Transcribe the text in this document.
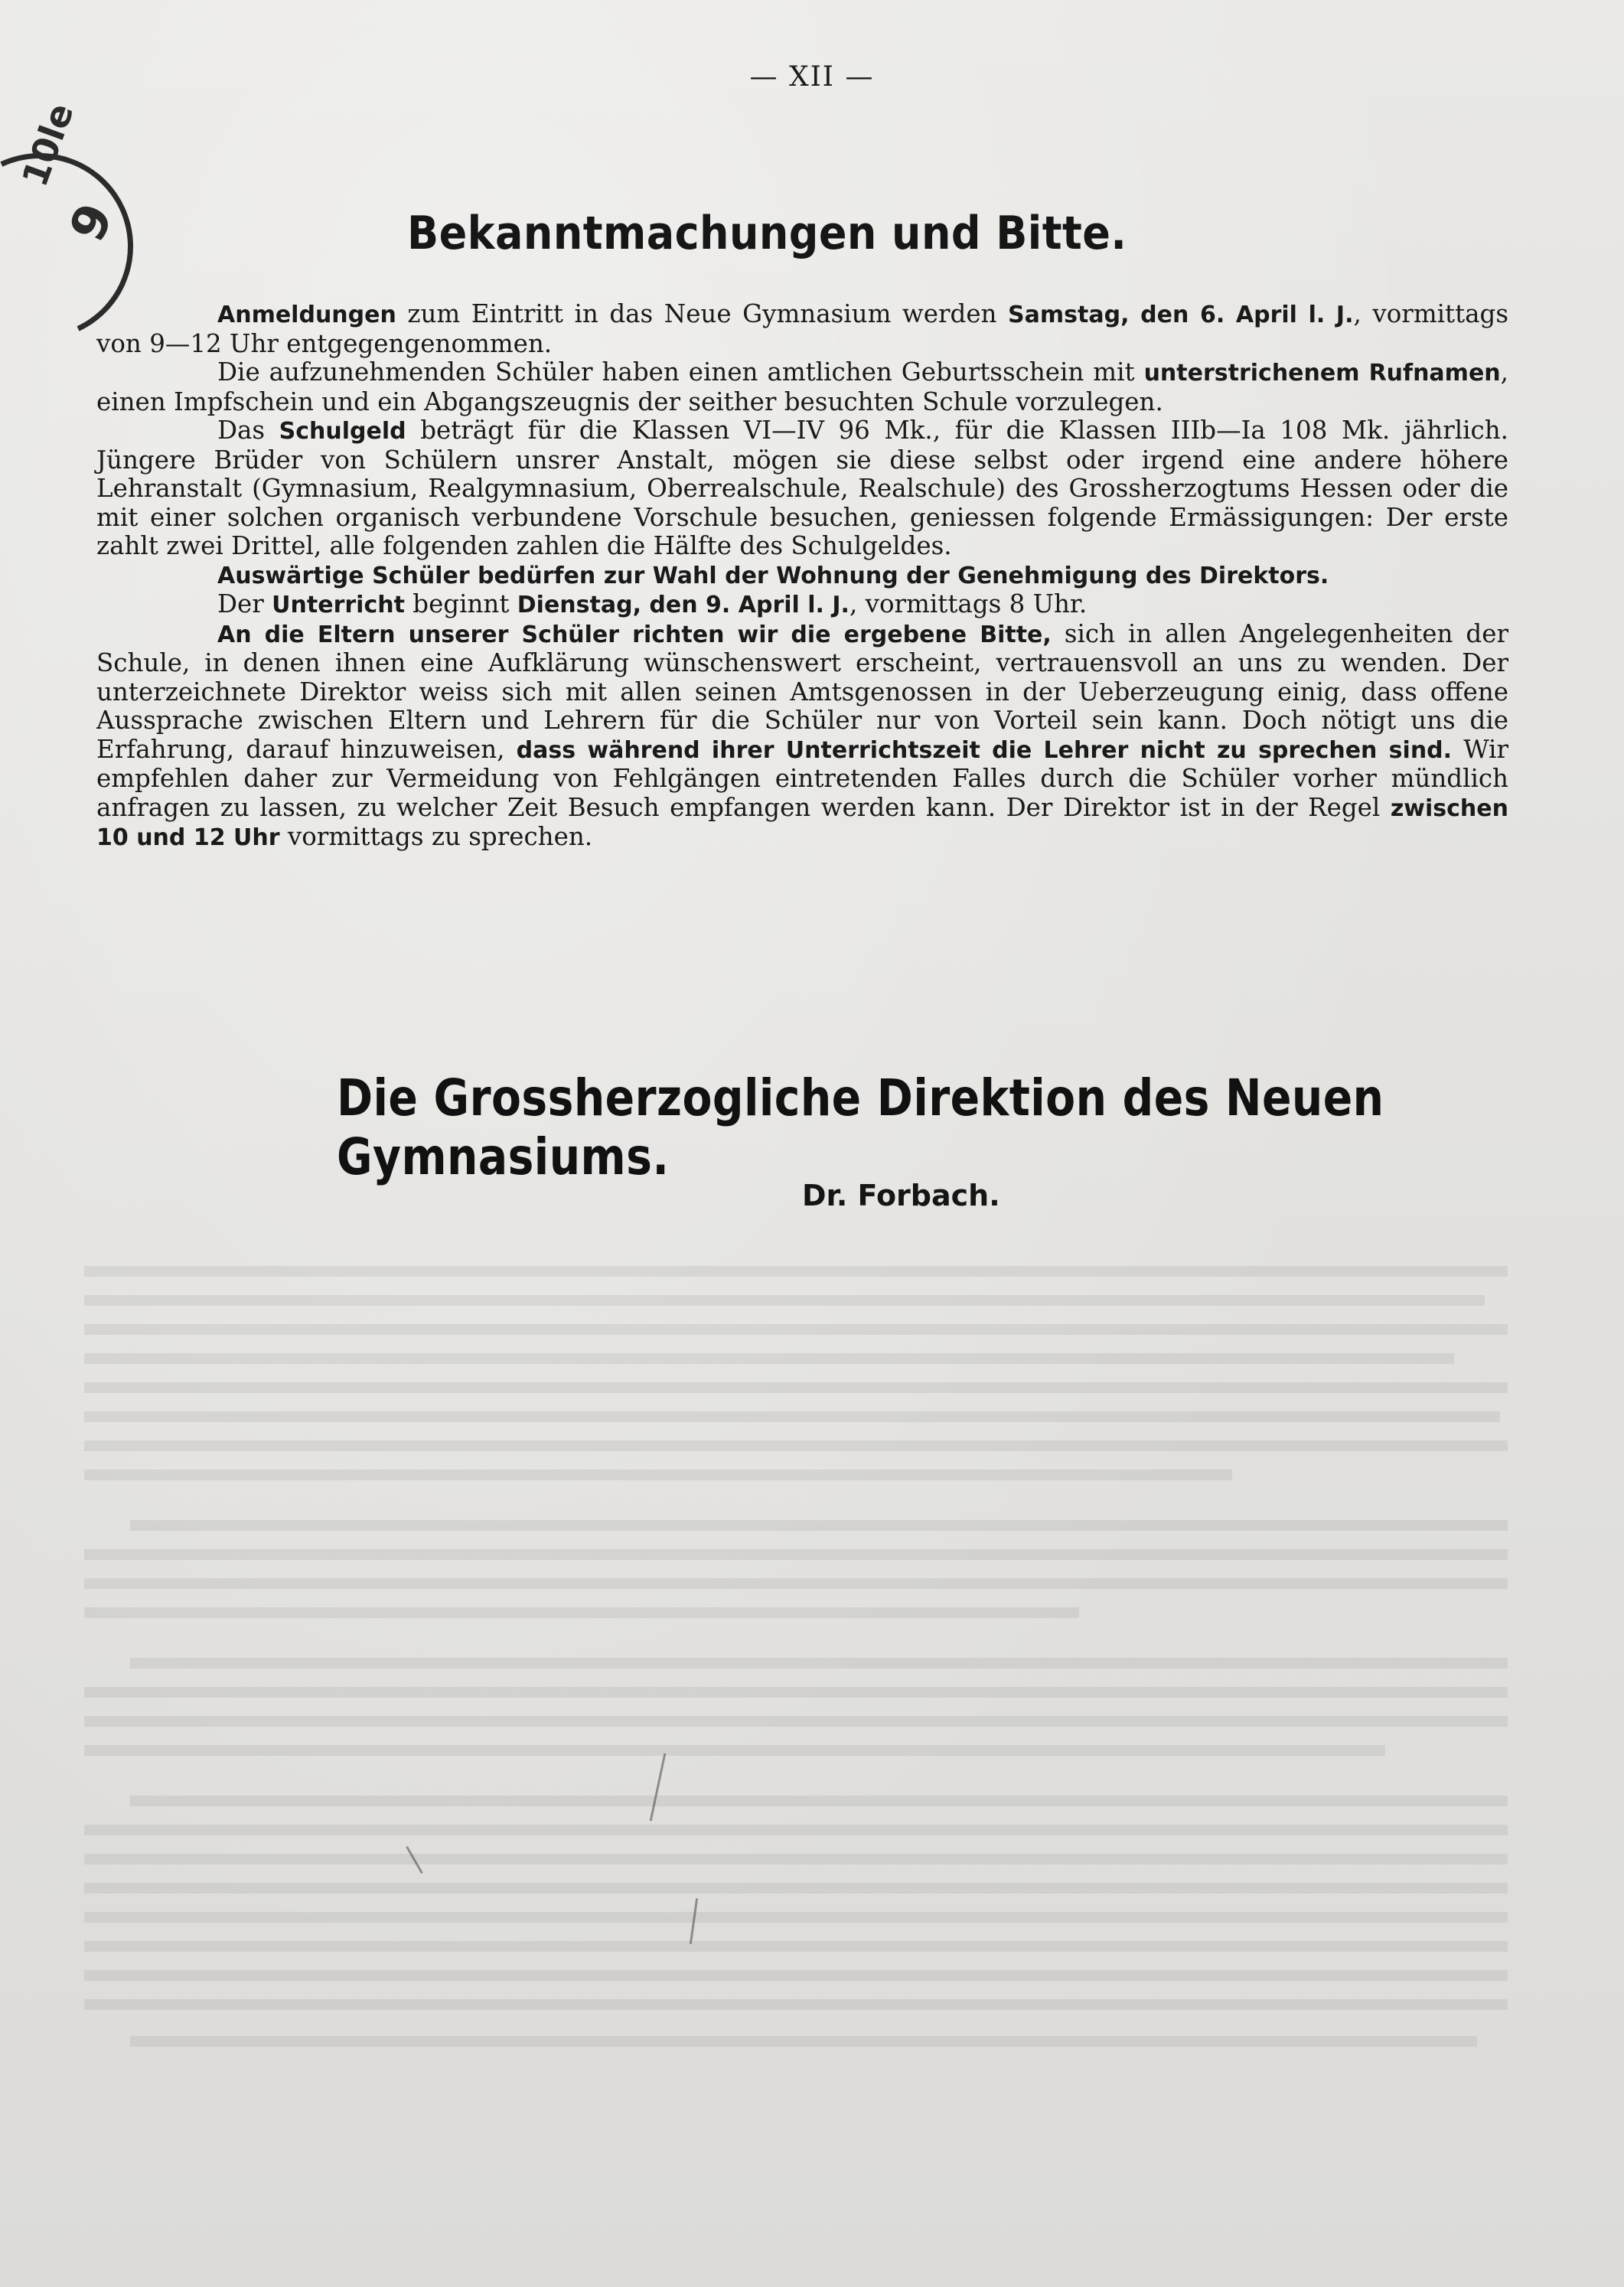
10le
9
— XII —
Bekanntmachungen und Bitte.

Anmeldungen zum Eintritt in das Neue Gymnasium werden Samstag, den 6. April l. J., vormittags von 9—12 Uhr entgegengenommen.

Die aufzunehmenden Schüler haben einen amtlichen Geburtsschein mit unterstrichenem Rufnamen, einen Impfschein und ein Abgangszeugnis der seither besuchten Schule vorzulegen.

Das Schulgeld beträgt für die Klassen VI—IV 96 Mk., für die Klassen IIIb—Ia 108 Mk. jährlich. Jüngere Brüder von Schülern unsrer Anstalt, mögen sie diese selbst oder irgend eine andere höhere Lehranstalt (Gymnasium, Realgymnasium, Oberrealschule, Realschule) des Grossherzogtums Hessen oder die mit einer solchen organisch verbundene Vorschule besuchen, geniessen folgende Ermässigungen: Der erste zahlt zwei Drittel, alle folgenden zahlen die Hälfte des Schulgeldes.

Auswärtige Schüler bedürfen zur Wahl der Wohnung der Genehmigung des Direktors.

Der Unterricht beginnt Dienstag, den 9. April l. J., vormittags 8 Uhr.

An die Eltern unserer Schüler richten wir die ergebene Bitte, sich in allen Angelegenheiten der Schule, in denen ihnen eine Aufklärung wünschenswert erscheint, vertrauensvoll an uns zu wenden. Der unterzeichnete Direktor weiss sich mit allen seinen Amtsgenossen in der Ueberzeugung einig, dass offene Aussprache zwischen Eltern und Lehrern für die Schüler nur von Vorteil sein kann. Doch nötigt uns die Erfahrung, darauf hinzuweisen, dass während ihrer Unterrichtszeit die Lehrer nicht zu sprechen sind. Wir empfehlen daher zur Vermeidung von Fehlgängen eintretenden Falles durch die Schüler vorher mündlich anfragen zu lassen, zu welcher Zeit Besuch empfangen werden kann. Der Direktor ist in der Regel zwischen 10 und 12 Uhr vormittags zu sprechen.

Die Grossherzogliche Direktion des Neuen Gymnasiums.
Dr. Forbach.
